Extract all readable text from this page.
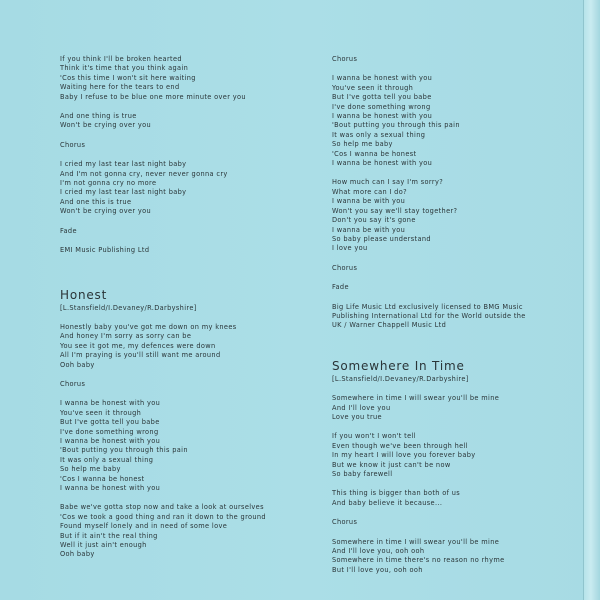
If you think I'll be broken hearted
Think it's time that you think again
'Cos this time I won't sit here waiting
Waiting here for the tears to end
Baby I refuse to be blue one more minute over you
And one thing is true
Won't be crying over you
Chorus
I cried my last tear last night baby
And I'm not gonna cry, never never gonna cry
I'm not gonna cry no more
I cried my last tear last night baby
And one this is true
Won't be crying over you
Fade
EMI Music Publishing Ltd
Honest
[L.Stansfield/I.Devaney/R.Darbyshire]
Honestly baby you've got me down on my knees
And honey I'm sorry as sorry can be
You see it got me, my defences were down
All I'm praying is you'll still want me around
Ooh baby
Chorus
I wanna be honest with you
You've seen it through
But I've gotta tell you babe
I've done something wrong
I wanna be honest with you
'Bout putting you through this pain
It was only a sexual thing
So help me baby
'Cos I wanna be honest
I wanna be honest with you
Babe we've gotta stop now and take a look at ourselves
'Cos we took a good thing and ran it down to the ground
Found myself lonely and in need of some love
But if it ain't the real thing
Well it just ain't enough
Ooh baby
Chorus
I wanna be honest with you
You've seen it through
But I've gotta tell you babe
I've done something wrong
I wanna be honest with you
'Bout putting you through this pain
It was only a sexual thing
So help me baby
'Cos I wanna be honest
I wanna be honest with you
How much can I say I'm sorry?
What more can I do?
I wanna be with you
Won't you say we'll stay together?
Don't you say it's gone
I wanna be with you
So baby please understand
I love you
Chorus
Fade
Big Life Music Ltd exclusively licensed to BMG Music
Publishing International Ltd for the World outside the
UK / Warner Chappell Music Ltd
Somewhere In Time
[L.Stansfield/I.Devaney/R.Darbyshire]
Somewhere in time I will swear you'll be mine
And I'll love you
Love you true
If you won't I won't tell
Even though we've been through hell
In my heart I will love you forever baby
But we know it just can't be now
So baby farewell
This thing is bigger than both of us
And baby believe it because...
Chorus
Somewhere in time I will swear you'll be mine
And I'll love you, ooh ooh
Somewhere in time there's no reason no rhyme
But I'll love you, ooh ooh
